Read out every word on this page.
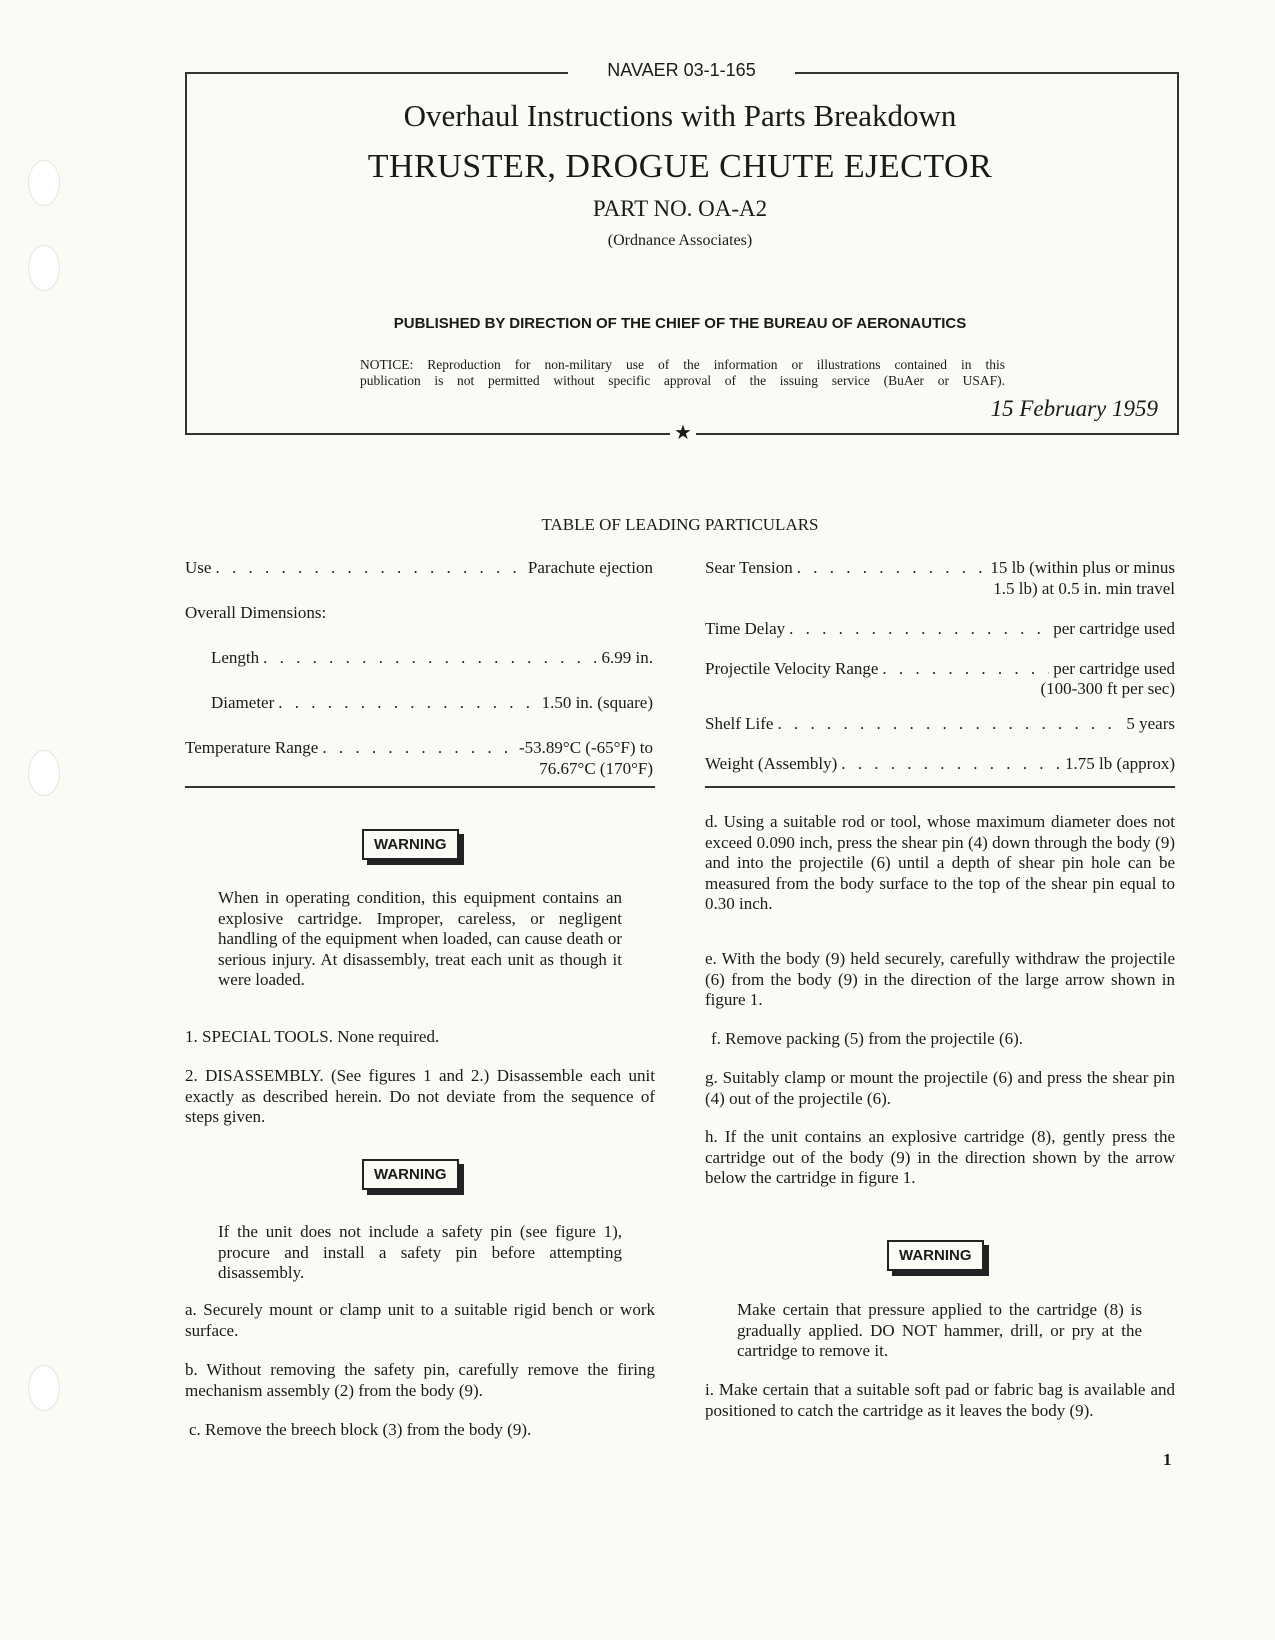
NAVAER 03-1-165
Overhaul Instructions with Parts Breakdown
THRUSTER, DROGUE CHUTE EJECTOR
PART NO. OA-A2
(Ordnance Associates)
PUBLISHED BY DIRECTION OF THE CHIEF OF THE BUREAU OF AERONAUTICS
NOTICE: Reproduction for non-military use of the information or illustrations contained in this
publication is not permitted without specific approval of the issuing service (BuAer or USAF).
15 February 1959
★
TABLE OF LEADING PARTICULARS
Use . . .	Parachute ejection
Overall Dimensions:
Length . . .	6.99 in.
Diameter . . .	1.50 in. (square)
Temperature Range . . .	-53.89°C (-65°F) to
76.67°C (170°F)
Sear Tension . . .	15 lb (within plus or minus
1.5 lb) at 0.5 in. min travel
Time Delay . . .	per cartridge used
Projectile Velocity Range . . .	per cartridge used
(100-300 ft per sec)
Shelf Life . . .	5 years
Weight (Assembly) . . .	1.75 lb (approx)
WARNING
When in operating condition, this equipment contains an explosive cartridge. Improper, careless, or negligent handling of the equipment when loaded, can cause death or serious injury. At disassembly, treat each unit as though it were loaded.
1. SPECIAL TOOLS. None required.
2. DISASSEMBLY. (See figures 1 and 2.) Disassemble each unit exactly as described herein. Do not deviate from the sequence of steps given.
WARNING
If the unit does not include a safety pin (see figure 1), procure and install a safety pin before attempting disassembly.
a. Securely mount or clamp unit to a suitable rigid bench or work surface.
b. Without removing the safety pin, carefully remove the firing mechanism assembly (2) from the body (9).
c. Remove the breech block (3) from the body (9).
d. Using a suitable rod or tool, whose maximum diameter does not exceed 0.090 inch, press the shear pin (4) down through the body (9) and into the projectile (6) until a depth of shear pin hole can be measured from the body surface to the top of the shear pin equal to 0.30 inch.
e. With the body (9) held securely, carefully withdraw the projectile (6) from the body (9) in the direction of the large arrow shown in figure 1.
f. Remove packing (5) from the projectile (6).
g. Suitably clamp or mount the projectile (6) and press the shear pin (4) out of the projectile (6).
h. If the unit contains an explosive cartridge (8), gently press the cartridge out of the body (9) in the direction shown by the arrow below the cartridge in figure 1.
WARNING
Make certain that pressure applied to the cartridge (8) is gradually applied. DO NOT hammer, drill, or pry at the cartridge to remove it.
i. Make certain that a suitable soft pad or fabric bag is available and positioned to catch the cartridge as it leaves the body (9).
1
